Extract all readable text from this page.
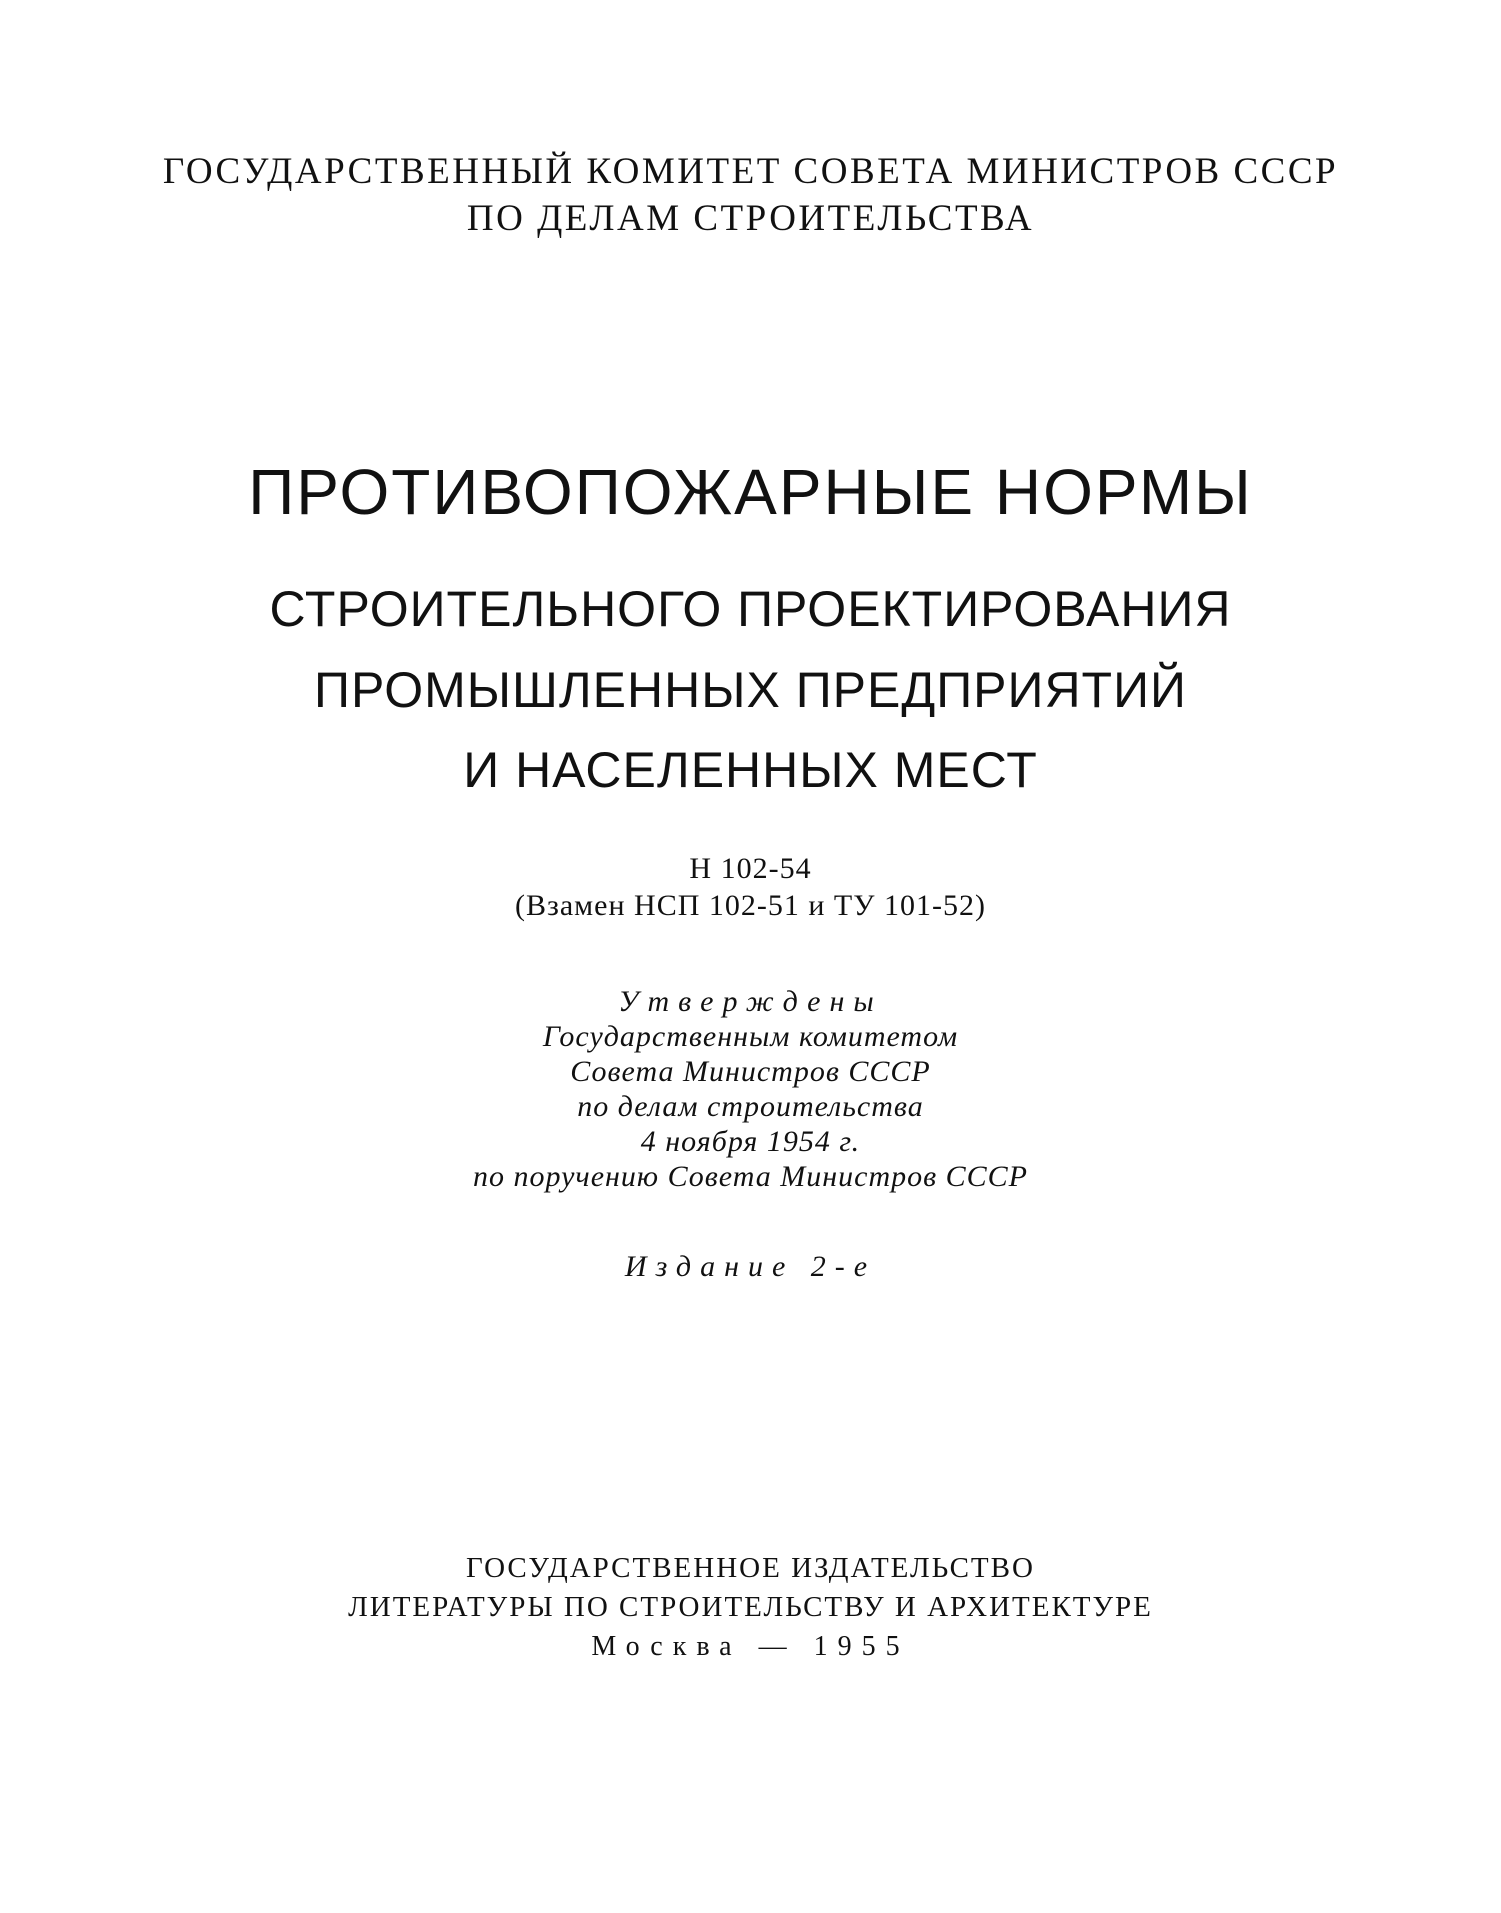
ГОСУДАРСТВЕННЫЙ КОМИТЕТ СОВЕТА МИНИСТРОВ СССР
ПО ДЕЛАМ СТРОИТЕЛЬСТВА
ПРОТИВОПОЖАРНЫЕ НОРМЫ
СТРОИТЕЛЬНОГО ПРОЕКТИРОВАНИЯ
ПРОМЫШЛЕННЫХ ПРЕДПРИЯТИЙ
И НАСЕЛЕННЫХ МЕСТ
Н 102-54
(Взамен НСП 102-51 и ТУ 101-52)
Утверждены
Государственным комитетом
Совета Министров СССР
по делам строительства
4 ноября 1954 г.
по поручению Совета Министров СССР
Издание 2-е
ГОСУДАРСТВЕННОЕ ИЗДАТЕЛЬСТВО
ЛИТЕРАТУРЫ ПО СТРОИТЕЛЬСТВУ И АРХИТЕКТУРЕ
Москва — 1955
